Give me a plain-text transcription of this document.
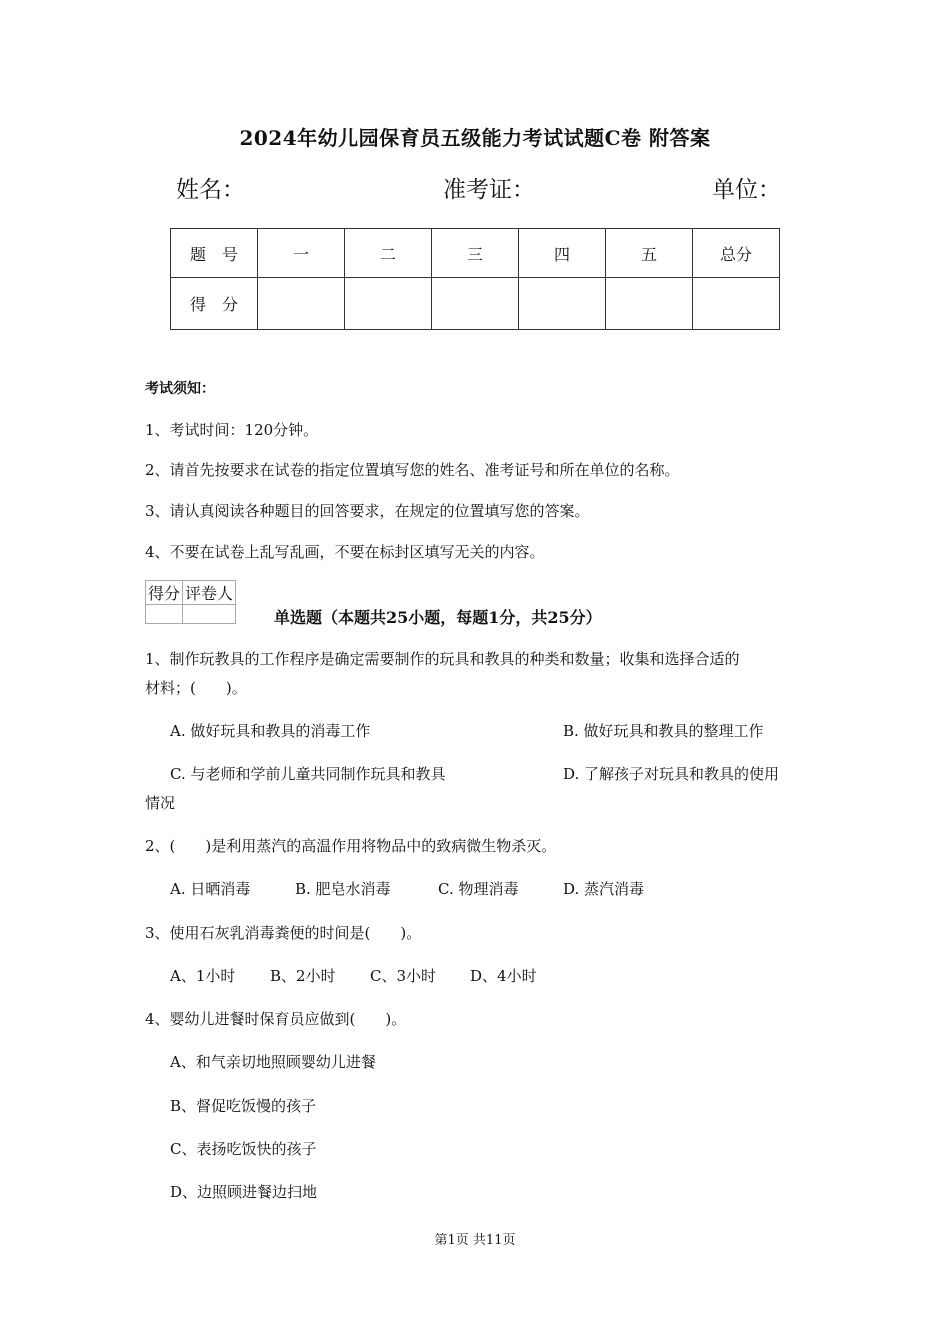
2024年幼儿园保育员五级能力考试试题C卷 附答案
姓名：	准考证：	单位：
题　号	一	二	三	四	五	总分
得　分						
考试须知：
1、考试时间：120分钟。
2、请首先按要求在试卷的指定位置填写您的姓名、准考证号和所在单位的名称。
3、请认真阅读各种题目的回答要求，在规定的位置填写您的答案。
4、不要在试卷上乱写乱画，不要在标封区填写无关的内容。
得分	评卷人

单选题（本题共25小题，每题1分，共25分）
1、制作玩教具的工作程序是确定需要制作的玩具和教具的种类和数量；收集和选择合适的
材料；(　　)。
A. 做好玩具和教具的消毒工作	B. 做好玩具和教具的整理工作
C. 与老师和学前儿童共同制作玩具和教具	D. 了解孩子对玩具和教具的使用
情况
2、(　　)是利用蒸汽的高温作用将物品中的致病微生物杀灭。
A. 日晒消毒	B. 肥皂水消毒	C. 物理消毒	D. 蒸汽消毒
3、使用石灰乳消毒粪便的时间是(　　)。
A、1小时 B、2小时 C、3小时 D、4小时
4、婴幼儿进餐时保育员应做到(　　)。
A、和气亲切地照顾婴幼儿进餐
B、督促吃饭慢的孩子
C、表扬吃饭快的孩子
D、边照顾进餐边扫地
第1页 共11页
